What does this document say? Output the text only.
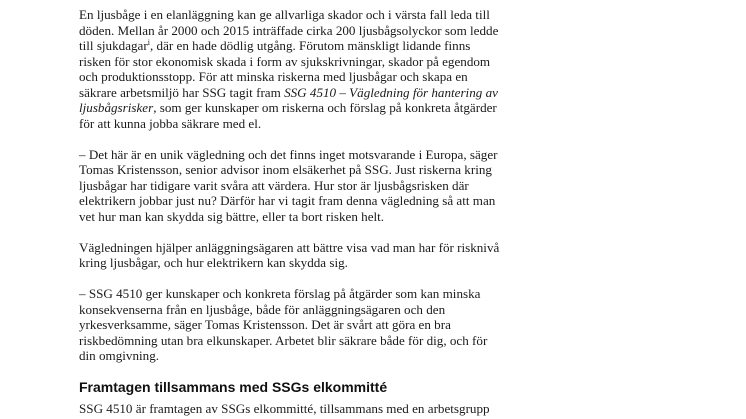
En ljusbåge i en elanläggning kan ge allvarliga skador och i värsta fall leda till
döden. Mellan år 2000 och 2015 inträffade cirka 200 ljusbågsolyckor som ledde
till sjukdagar$^i$, där en hade dödlig utgång. Förutom mänskligt lidande finns
risken för stor ekonomisk skada i form av sjukskrivningar, skador på egendom
och produktionsstopp. För att minska riskerna med ljusbågar och skapa en
säkrare arbetsmiljö har SSG tagit fram SSG 4510 – Vägledning för hantering av
ljusbågsrisker, som ger kunskaper om riskerna och förslag på konkreta åtgärder
för att kunna jobba säkrare med el.

– Det här är en unik vägledning och det finns inget motsvarande i Europa, säger
Tomas Kristensson, senior advisor inom elsäkerhet på SSG. Just riskerna kring
ljusbågar har tidigare varit svåra att värdera. Hur stor är ljusbågsrisken där
elektrikern jobbar just nu? Därför har vi tagit fram denna vägledning så att man
vet hur man kan skydda sig bättre, eller ta bort risken helt.

Vägledningen hjälper anläggningsägaren att bättre visa vad man har för risknivå
kring ljusbågar, och hur elektrikern kan skydda sig.

– SSG 4510 ger kunskaper och konkreta förslag på åtgärder som kan minska
konsekvenserna från en ljusbåge, både för anläggningsägaren och den
yrkesverksamme, säger Tomas Kristensson. Det är svårt att göra en bra
riskbedömning utan bra elkunskaper. Arbetet blir säkrare både för dig, och för
din omgivning.

Framtagen tillsammans med SSGs elkommitté

SSG 4510 är framtagen av SSGs elkommitté, tillsammans med en arbetsgrupp
